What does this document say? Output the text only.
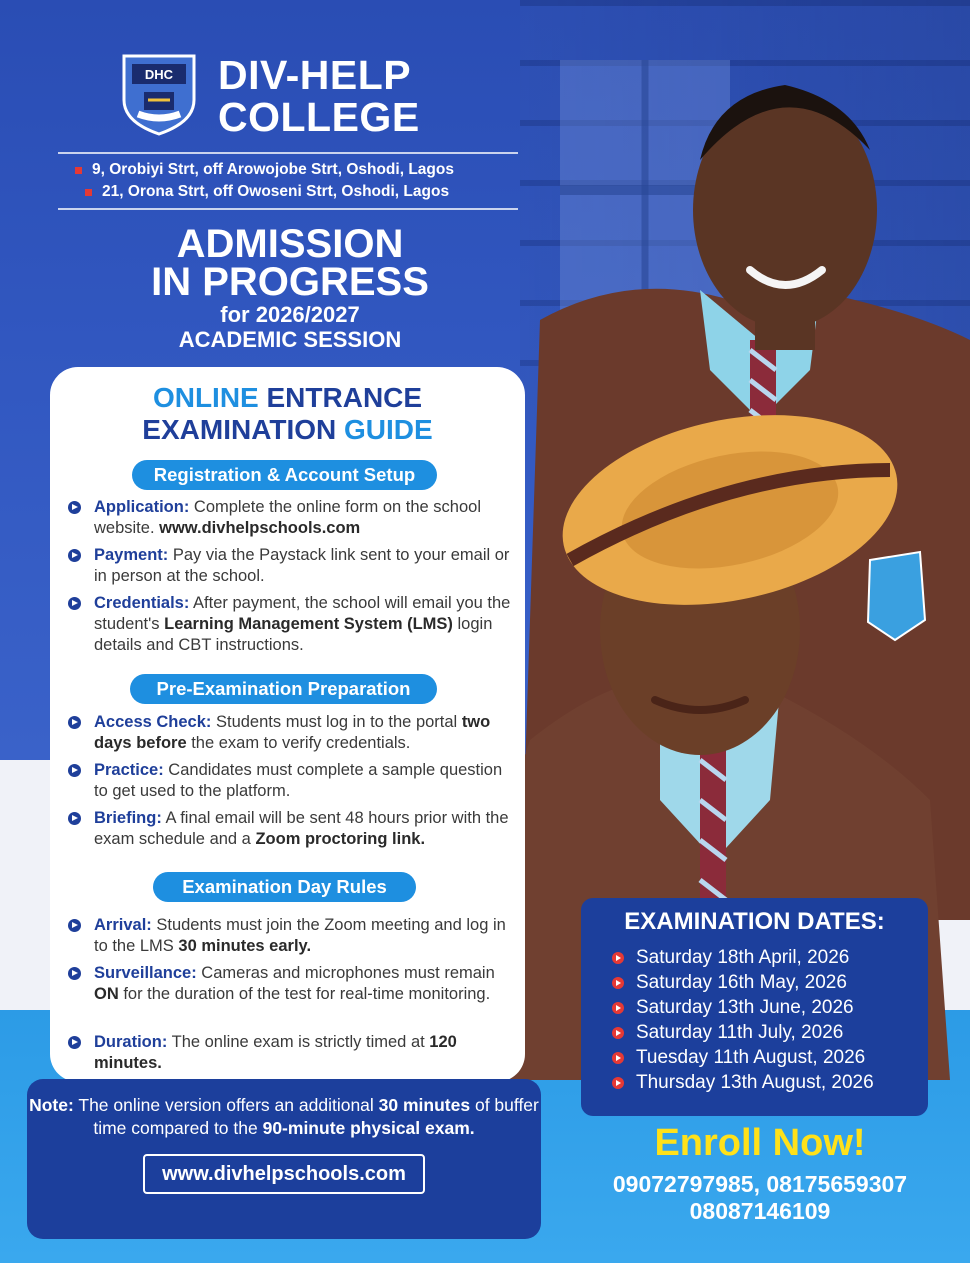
DHC DIV-HELP
COLLEGE
9, Orobiyi Strt, off Arowojobe Strt, Oshodi, Lagos
21, Orona Strt, off Owoseni Strt, Oshodi, Lagos
ADMISSION
IN PROGRESS
for 2026/2027
ACADEMIC SESSION
ONLINE ENTRANCE
EXAMINATION GUIDE
Registration & Account Setup
Application: Complete the online form on the school website. www.divhelpschools.com
Payment: Pay via the Paystack link sent to your email or in person at the school.
Credentials: After payment, the school will email you the student's Learning Management System (LMS) login details and CBT instructions.
Pre-Examination Preparation
Access Check: Students must log in to the portal two days before the exam to verify credentials.
Practice: Candidates must complete a sample question to get used to the platform.
Briefing: A final email will be sent 48 hours prior with the exam schedule and a Zoom proctoring link.
Examination Day Rules
Arrival: Students must join the Zoom meeting and log in to the LMS 30 minutes early.
Surveillance: Cameras and microphones must remain ON for the duration of the test for real-time monitoring.
Duration: The online exam is strictly timed at 120 minutes.
Note: The online version offers an additional 30 minutes of buffer time compared to the 90-minute physical exam.
www.divhelpschools.com
EXAMINATION DATES:
Saturday 18th April, 2026
Saturday 16th May, 2026
Saturday 13th June, 2026
Saturday 11th July, 2026
Tuesday 11th August, 2026
Thursday 13th August, 2026
Enroll Now!
09072797985, 08175659307
08087146109
